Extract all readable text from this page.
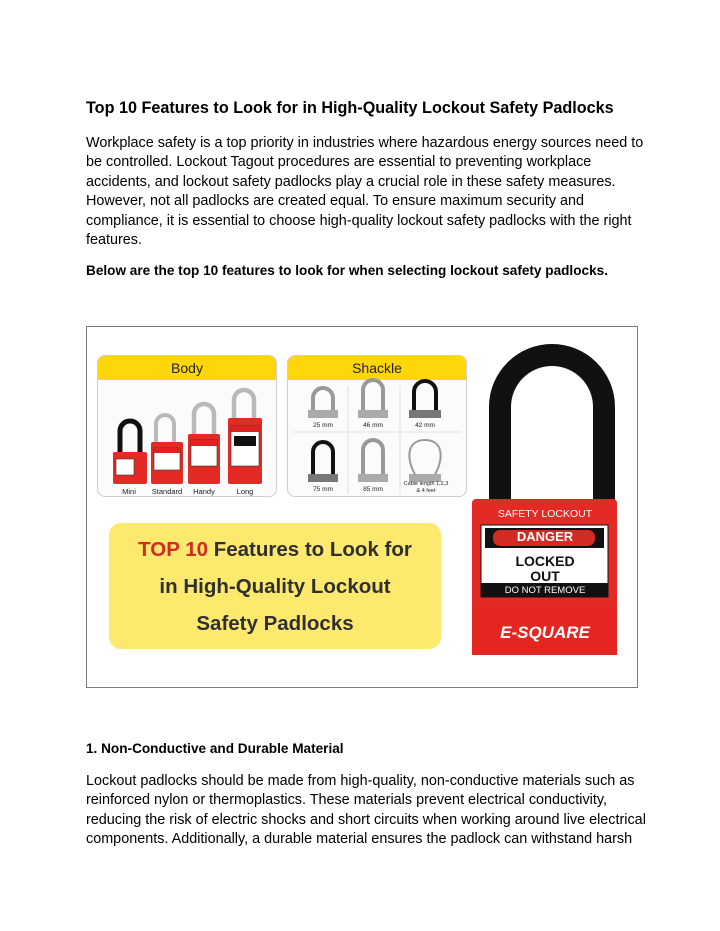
Top 10 Features to Look for in High-Quality Lockout Safety Padlocks
Workplace safety is a top priority in industries where hazardous energy sources need to
be controlled. Lockout Tagout procedures are essential to preventing workplace
accidents, and lockout safety padlocks play a crucial role in these safety measures.
However, not all padlocks are created equal. To ensure maximum security and
compliance, it is essential to choose high-quality lockout safety padlocks with the right
features.
Below are the top 10 features to look for when selecting lockout safety padlocks.
Body
Mini	Standard	Handy	Long
Shackle
25 mm	46 mm	42 mm
75 mm	85 mm
Cable length 1,2,3 & 4 feet
TOP 10 Features to Look for
in High-Quality Lockout
Safety Padlocks
SAFETY LOCKOUT
DANGER
LOCKED
OUT
DO NOT REMOVE
E-SQUARE
1. Non-Conductive and Durable Material
Lockout padlocks should be made from high-quality, non-conductive materials such as
reinforced nylon or thermoplastics. These materials prevent electrical conductivity,
reducing the risk of electric shocks and short circuits when working around live electrical
components. Additionally, a durable material ensures the padlock can withstand harsh
